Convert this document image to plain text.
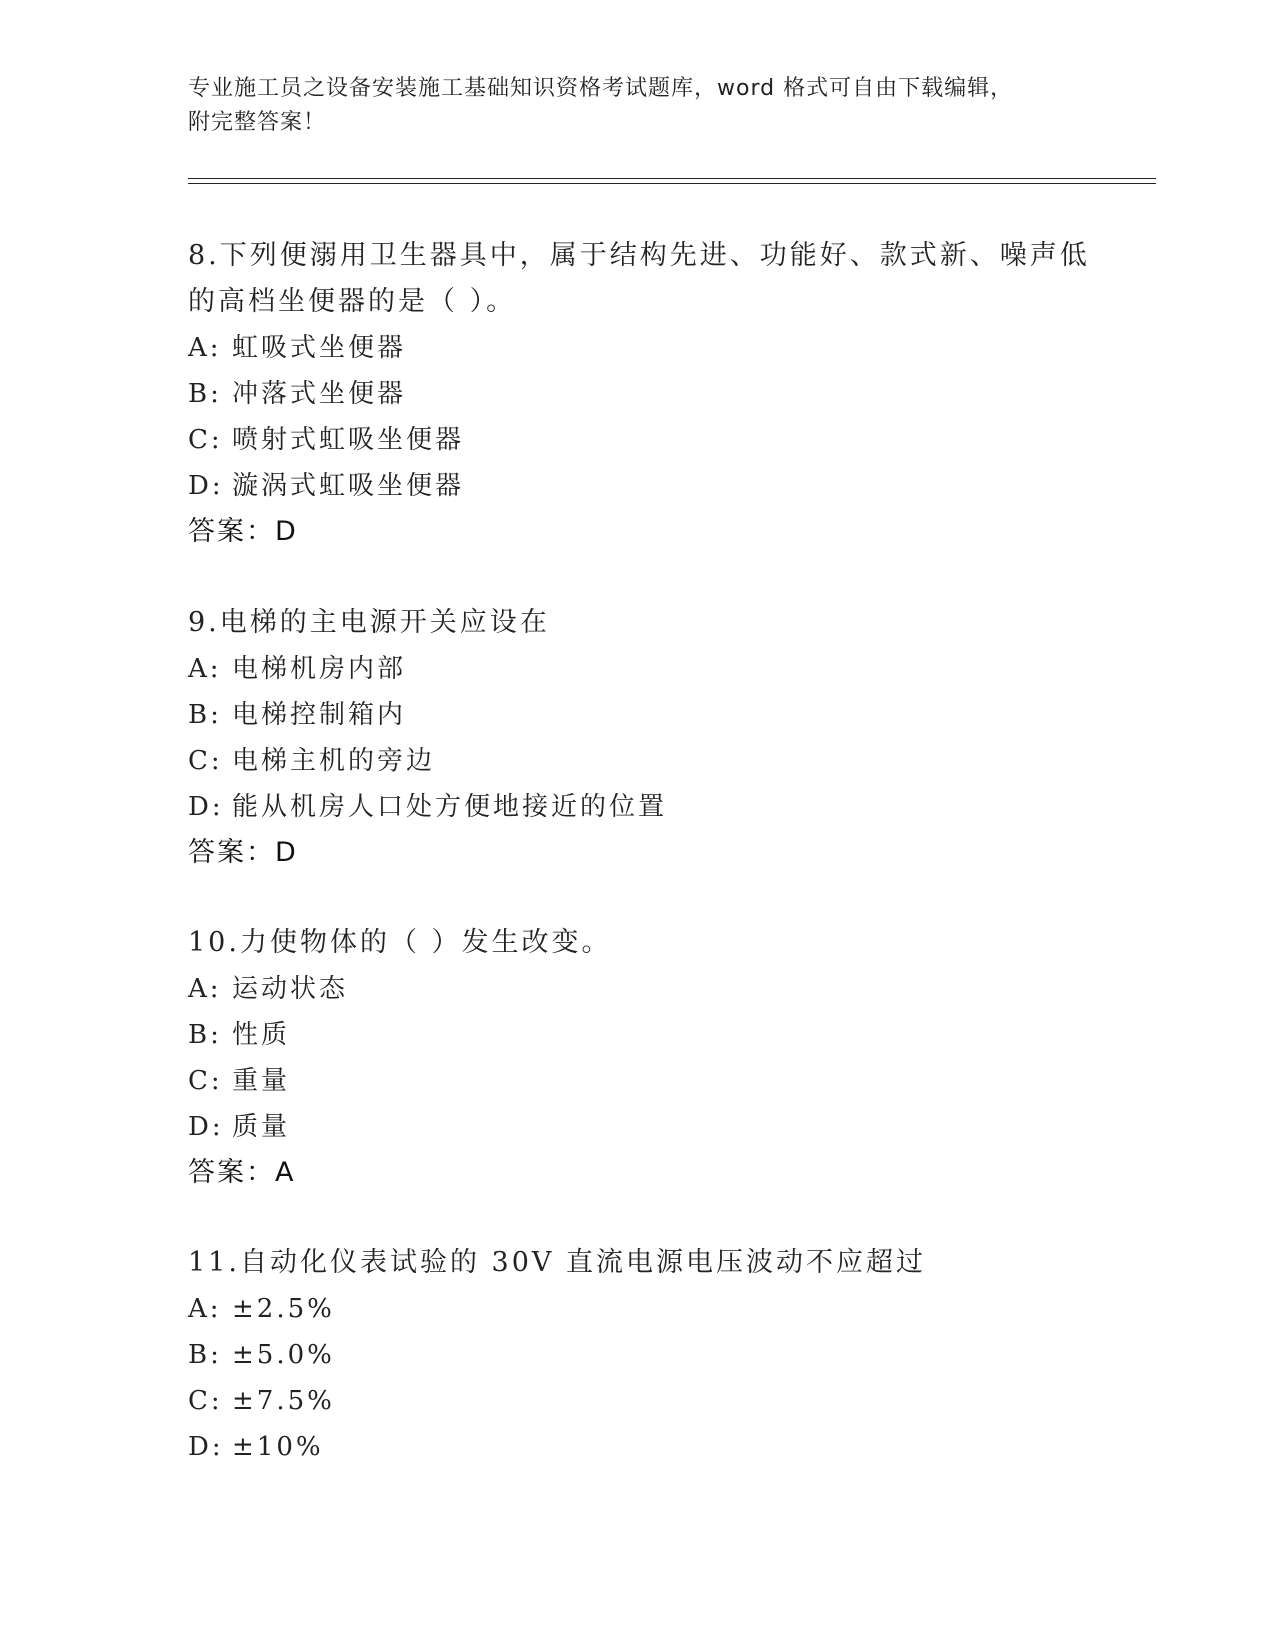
专业施工员之设备安装施工基础知识资格考试题库，word 格式可自由下载编辑，
附完整答案！
8.下列便溺用卫生器具中，属于结构先进、功能好、款式新、噪声低
的高档坐便器的是（ ）。
A: 虹吸式坐便器
B: 冲落式坐便器
C: 喷射式虹吸坐便器
D: 漩涡式虹吸坐便器
答案：D
9.电梯的主电源开关应设在
A: 电梯机房内部
B: 电梯控制箱内
C: 电梯主机的旁边
D: 能从机房人口处方便地接近的位置
答案：D
10.力使物体的（ ）发生改变。
A: 运动状态
B: 性质
C: 重量
D: 质量
答案：A
11.自动化仪表试验的 30V 直流电源电压波动不应超过
A: ±2.5%
B: ±5.0%
C: ±7.5%
D: ±10%
